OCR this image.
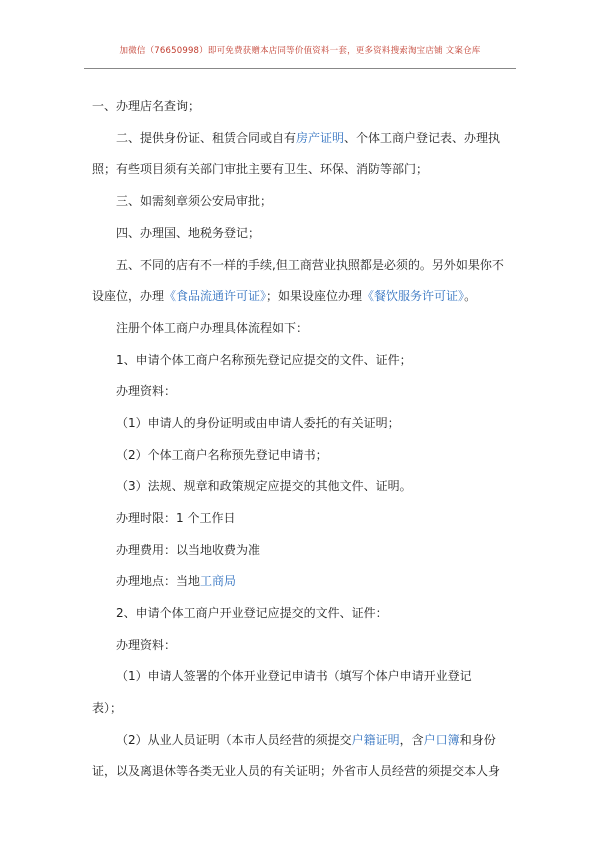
加微信（76650998）即可免费获赠本店同等价值资料一套，更多资料搜索淘宝店铺 文案仓库
一、办理店名查询；
二、提供身份证、租赁合同或自有房产证明、个体工商户登记表、办理执
照；有些项目须有关部门审批主要有卫生、环保、消防等部门；
三、如需刻章须公安局审批；
四、办理国、地税务登记；
五、不同的店有不一样的手续,但工商营业执照都是必须的。另外如果你不
设座位，办理《食品流通许可证》；如果设座位办理《餐饮服务许可证》。
注册个体工商户办理具体流程如下：
1、申请个体工商户名称预先登记应提交的文件、证件；
办理资料：
（1）申请人的身份证明或由申请人委托的有关证明；
（2）个体工商户名称预先登记申请书；
（3）法规、规章和政策规定应提交的其他文件、证明。
办理时限：1 个工作日
办理费用：以当地收费为准
办理地点：当地工商局
2、申请个体工商户开业登记应提交的文件、证件：
办理资料：
（1）申请人签署的个体开业登记申请书（填写个体户申请开业登记
表）；
（2）从业人员证明（本市人员经营的须提交户籍证明，含户口簿和身份
证，以及离退休等各类无业人员的有关证明；外省市人员经营的须提交本人身
